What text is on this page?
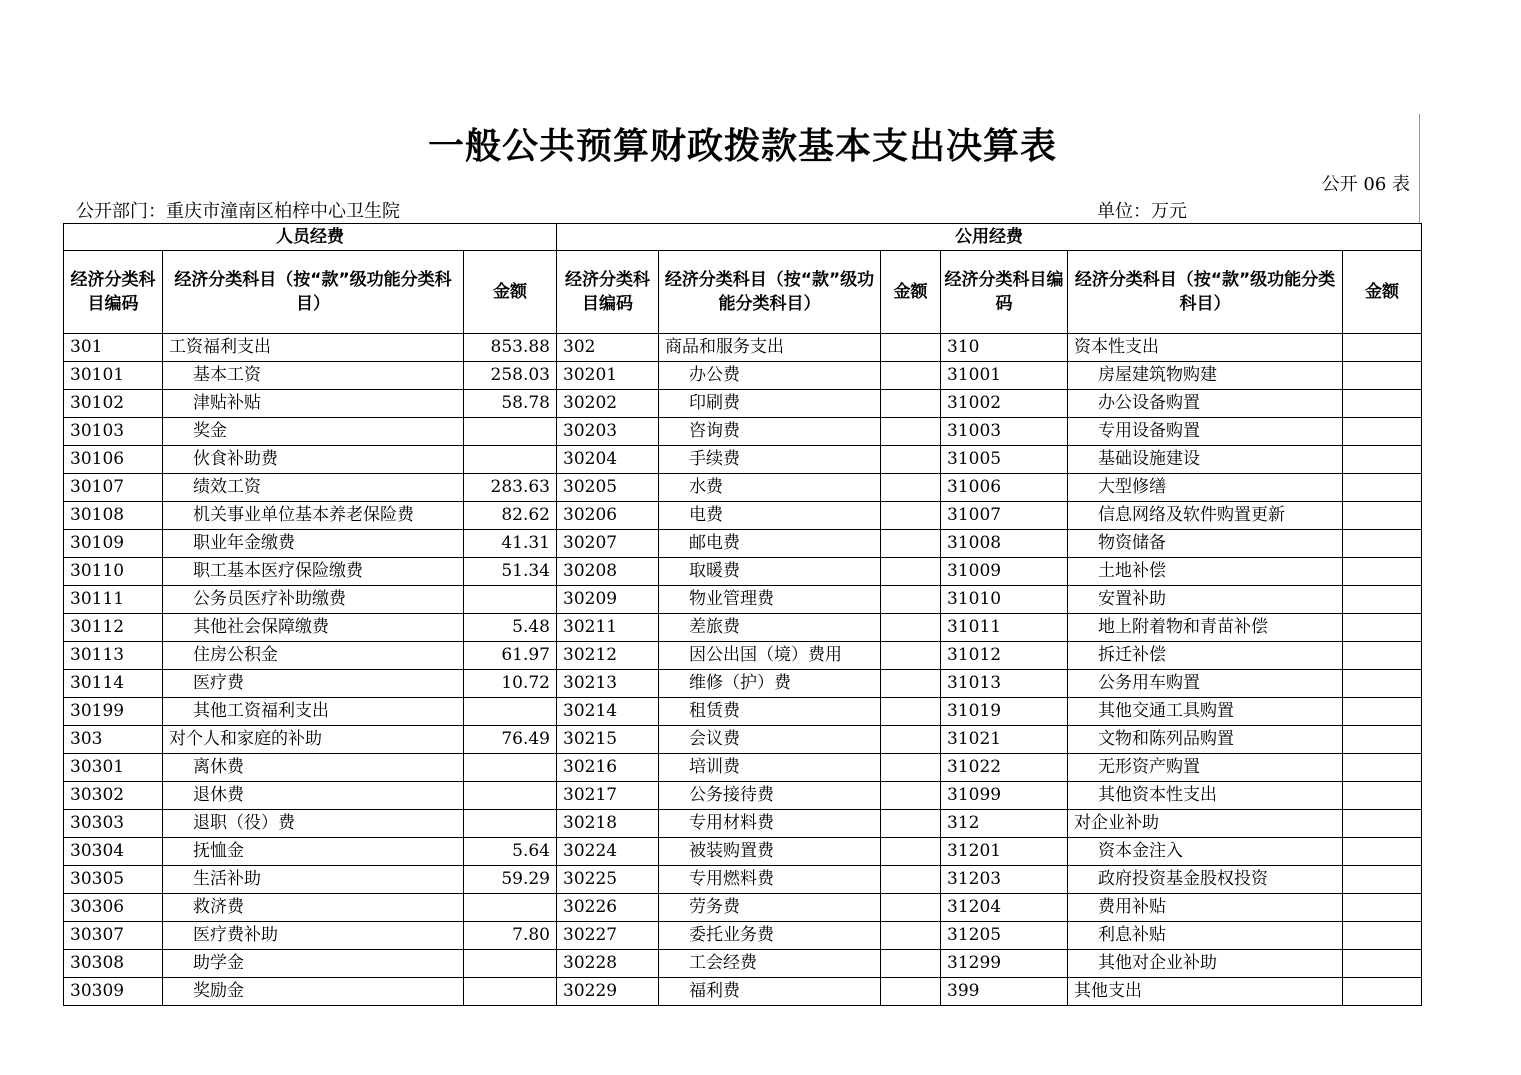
一般公共预算财政拨款基本支出决算表
公开 06 表
公开部门：重庆市潼南区柏梓中心卫生院	单位：万元
人员经费			公用经费					
经济分类科目编码	经济分类科目（按“款”级功能分类科目）	金额	经济分类科目编码	经济分类科目（按“款”级功能分类科目）	金额	经济分类科目编码	经济分类科目（按“款”级功能分类科目）	金额
301	工资福利支出	853.88	302	商品和服务支出		310	资本性支出	
30101	基本工资	258.03	30201	办公费		31001	房屋建筑物购建	
30102	津贴补贴	58.78	30202	印刷费		31002	办公设备购置	
30103	奖金		30203	咨询费		31003	专用设备购置	
30106	伙食补助费		30204	手续费		31005	基础设施建设	
30107	绩效工资	283.63	30205	水费		31006	大型修缮	
30108	机关事业单位基本养老保险费	82.62	30206	电费		31007	信息网络及软件购置更新	
30109	职业年金缴费	41.31	30207	邮电费		31008	物资储备	
30110	职工基本医疗保险缴费	51.34	30208	取暖费		31009	土地补偿	
30111	公务员医疗补助缴费		30209	物业管理费		31010	安置补助	
30112	其他社会保障缴费	5.48	30211	差旅费		31011	地上附着物和青苗补偿	
30113	住房公积金	61.97	30212	因公出国（境）费用		31012	拆迁补偿	
30114	医疗费	10.72	30213	维修（护）费		31013	公务用车购置	
30199	其他工资福利支出		30214	租赁费		31019	其他交通工具购置	
303	对个人和家庭的补助	76.49	30215	会议费		31021	文物和陈列品购置	
30301	离休费		30216	培训费		31022	无形资产购置	
30302	退休费		30217	公务接待费		31099	其他资本性支出	
30303	退职（役）费		30218	专用材料费		312	对企业补助	
30304	抚恤金	5.64	30224	被装购置费		31201	资本金注入	
30305	生活补助	59.29	30225	专用燃料费		31203	政府投资基金股权投资	
30306	救济费		30226	劳务费		31204	费用补贴	
30307	医疗费补助	7.80	30227	委托业务费		31205	利息补贴	
30308	助学金		30228	工会经费		31299	其他对企业补助	
30309	奖励金		30229	福利费		399	其他支出	
